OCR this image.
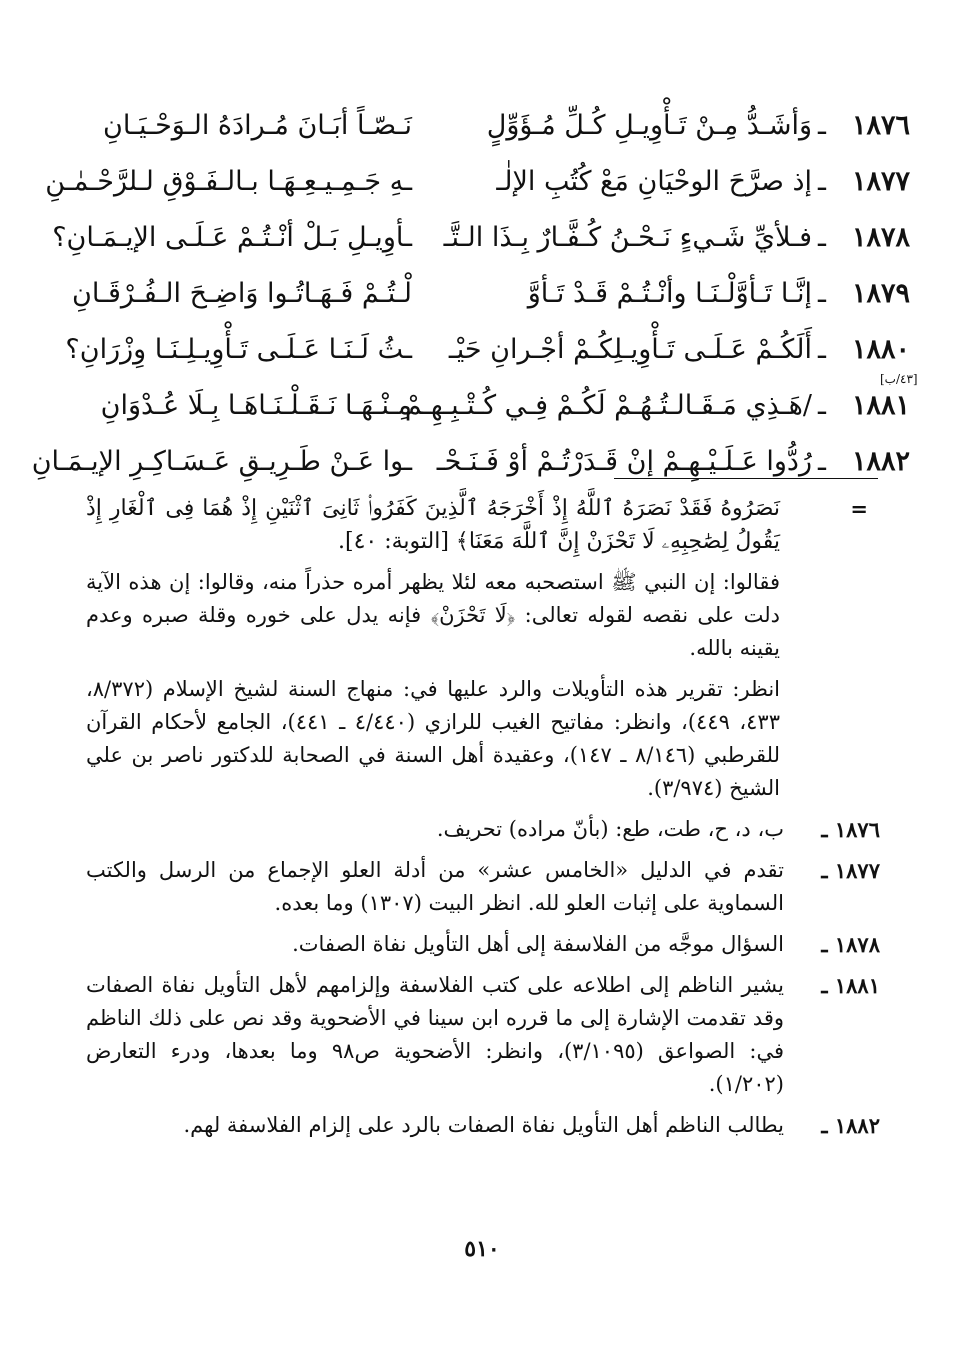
١٨٧٦
ـ
وَأشَـدُّ مِـنْ تَـأْوِيـلِ كُـلِّ مُـؤَوِّلٍ
نَـصّـاً أبَـانَ مُـرادَهُ الـوَحْـيَـانِ
١٨٧٧
ـ
إذ صرَّحَ الوحْيَانِ مَعْ كُتُبِ الإلٰـ
ـهِ جَـمِـيـعِـهَـا بـالـفَـوْقِ لـلرَّحْـمٰـنِ
١٨٧٨
ـ
فـلأيِّ شَـيءٍ نَـحْـنُ كُـفَّـارٌ بِـذَا الـتَّـ
ـأوِيـلِ بَـلْ أنْـتُـمْ عَـلَـى الإيـمَـانِ؟
١٨٧٩
ـ
إنَّـا تَـأوَّلْـنَـا وأنْـتُـمْ قَـدْ تَـأوَّ
لْـتُـمْ فَـهَـاتُـوا وَاضِـحَ الـفُـرْقَـانِ
١٨٨٠
ـ
أَلَكُـمْ عَـلَـى تَـأْوِيـلِكُـمْ أجْـرانِ حَيْـ
ـثُ لَـنَـا عَـلَـى تَـأْوِيـلِـنَـا وِزْرَانِ؟
١٨٨١
ـ
/هَـذِي مَـقَـالـتُـهُـمْ لَكُـمْ فِـي كُـتْـبِـهِـمْ
مِـنْـهَـا نَـقَـلْـنَـاهَـا بِـلَا عُـدْوَانِ
١٨٨٢
ـ
رُدُّوا عَـلَـيْـهِـمْ إنْ قَـدَرْتُـمْ أوْ فَـنَـحْـ
ـوا عَـنْ طَـرِيـقِ عَـسَـاكِـرِ الإيـمَـانِ
[٤٣/ب]
=

نَصَرُوهُ فَقَدْ نَصَرَهُ ٱللَّهُ إِذْ أَخْرَجَهُ ٱلَّذِينَ كَفَرُوا۟ ثَانِىَ ٱثْنَيْنِ إِذْ هُمَا فِى ٱلْغَارِ إِذْ يَقُولُ لِصَٰحِبِهِۦ لَا تَحْزَنْ إِنَّ ٱللَّهَ مَعَنَا﴾ [التوبة: ٤٠].

فقالوا: إن النبي ﷺ استصحبه معه لئلا يظهر أمره حذراً منه، وقالوا: إن هذه الآية دلت على نقصه لقوله تعالى: ﴿لَا تَحْزَنْ﴾ فإنه يدل على خوره وقلة صبره وعدم يقينه بالله.

انظر: تقرير هذه التأويلات والرد عليها في: منهاج السنة لشيخ الإسلام (٨/٣٧٢، ٤٣٣، ٤٤٩)، وانظر: مفاتيح الغيب للرازي (٤/٤٤٠ ـ ٤٤١)، الجامع لأحكام القرآن للقرطبي (٨/١٤٦ ـ ١٤٧)، وعقيدة أهل السنة في الصحابة للدكتور ناصر بن علي الشيخ (٣/٩٧٤).

١٨٧٦ ـ
ب، د، ح، طت، طع: (بأنّ مراده) تحريف.
١٨٧٧ ـ
تقدم في الدليل «الخامس عشر» من أدلة العلو الإجماع من الرسل والكتب السماوية على إثبات العلو لله. انظر البيت (١٣٠٧) وما بعده.
١٨٧٨ ـ
السؤال موجَّه من الفلاسفة إلى أهل التأويل نفاة الصفات.
١٨٨١ ـ
يشير الناظم إلى اطلاعه على كتب الفلاسفة وإلزامهم لأهل التأويل نفاة الصفات وقد تقدمت الإشارة إلى ما قرره ابن سينا في الأضحوية وقد نص على ذلك الناظم في: الصواعق (٣/١٠٩٥)، وانظر: الأضحوية ص٩٨ وما بعدها، ودرء التعارض (١/٢٠٢).
١٨٨٢ ـ
يطالب الناظم أهل التأويل نفاة الصفات بالرد على إلزام الفلاسفة لهم.
٥١٠
